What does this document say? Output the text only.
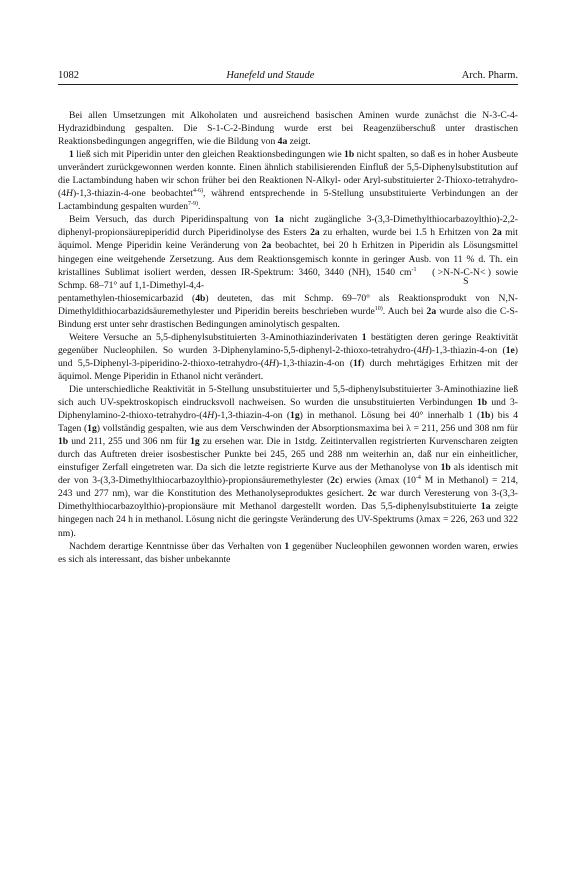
1082	Hanefeld und Staude	Arch. Pharm.

Bei allen Umsetzungen mit Alkoholaten und ausreichend basischen Aminen wurde zunächst die N-3-C-4-Hydrazidbindung gespalten. Die S-1-C-2-Bindung wurde erst bei Reagenzüberschuß unter drastischen Reaktionsbedingungen angegriffen, wie die Bildung von 4a zeigt.

1 ließ sich mit Piperidin unter den gleichen Reaktionsbedingungen wie 1b nicht spalten, so daß es in hoher Ausbeute unverändert zurückgewonnen werden konnte. Einen ähnlich stabilisierenden Einfluß der 5,5-Diphenylsubstitution auf die Lactambindung haben wir schon früher bei den Reaktionen N-Alkyl- oder Aryl-substituierter 2-Thioxo-tetrahydro-(4H)-1,3-thiazin-4-one beobachtet$^{4-6)}$, während entsprechende in 5-Stellung unsubstituierte Verbindungen an der Lactambindung gespalten wurden$^{7-9)}$.

Beim Versuch, das durch Piperidinspaltung von 1a nicht zugängliche 3-(3,3-Dimethylthiocarbazoylthio)-2,2-diphenyl-propionsäurepiperidid durch Piperidinolyse des Esters 2a zu erhalten, wurde bei 1.5 h Erhitzen von 2a mit äquimol. Menge Piperidin keine Veränderung von 2a beobachtet, bei 20 h Erhitzen in Piperidin als Lösungsmittel hingegen eine weitgehende Zersetzung. Aus dem Reaktionsgemisch konnte in geringer Ausb. von 11 % d. Th. ein kristallines Sublimat isoliert werden, dessen IR-Spektrum: 3460, 3440 (NH), 1540 $cm^{-1}$ ( >N-N-C-N< )
S
sowie Schmp. 68–71° auf 1,1-Dimethyl-4,4-
pentamethylen-thiosemicarbazid (4b) deuteten, das mit Schmp. 69–70° als Reaktionsprodukt von N,N-Dimethyldithiocarbazidsäuremethylester und Piperidin bereits beschrieben wurde$^{10)}$. Auch bei 2a wurde also die C-S-Bindung erst unter sehr drastischen Bedingungen aminolytisch gespalten.

Weitere Versuche an 5,5-diphenylsubstituierten 3-Aminothiazinderivaten 1 bestätigten deren geringe Reaktivität gegenüber Nucleophilen. So wurden 3-Diphenylamino-5,5-diphenyl-2-thioxo-tetrahydro-(4H)-1,3-thiazin-4-on (1e) und 5,5-Diphenyl-3-piperidino-2-thioxo-tetrahydro-(4H)-1,3-thiazin-4-on (1f) durch mehrtägiges Erhitzen mit der äquimol. Menge Piperidin in Ethanol nicht verändert.

Die unterschiedliche Reaktivität in 5-Stellung unsubstituierter und 5,5-diphenylsubstituierter 3-Aminothiazine ließ sich auch UV-spektroskopisch eindrucksvoll nachweisen. So wurden die unsubstituierten Verbindungen 1b und 3-Diphenylamino-2-thioxo-tetrahydro-(4H)-1,3-thiazin-4-on (1g) in methanol. Lösung bei 40° innerhalb 1 (1b) bis 4 Tagen (1g) vollständig gespalten, wie aus dem Verschwinden der Absorptionsmaxima bei λ = 211, 256 und 308 nm für 1b und 211, 255 und 306 nm für 1g zu ersehen war. Die in 1stdg. Zeitintervallen registrierten Kurvenscharen zeigten durch das Auftreten dreier isosbestischer Punkte bei 245, 265 und 288 nm weiterhin an, daß nur ein einheitlicher, einstufiger Zerfall eingetreten war. Da sich die letzte registrierte Kurve aus der Methanolyse von 1b als identisch mit der von 3-(3,3-Dimethylthiocarbazoylthio)-propionsäuremethylester (2c) erwies (λmax ($10^{-4}$ M in Methanol) = 214, 243 und 277 nm), war die Konstitution des Methanolyseproduktes gesichert. 2c war durch Veresterung von 3-(3,3-Dimethylthiocarbazoylthio)-propionsäure mit Methanol dargestellt worden. Das 5,5-diphenylsubstituierte 1a zeigte hingegen nach 24 h in methanol. Lösung nicht die geringste Veränderung des UV-Spektrums (λmax = 226, 263 und 322 nm).

Nachdem derartige Kenntnisse über das Verhalten von 1 gegenüber Nucleophilen gewonnen worden waren, erwies es sich als interessant, das bisher unbekannte
